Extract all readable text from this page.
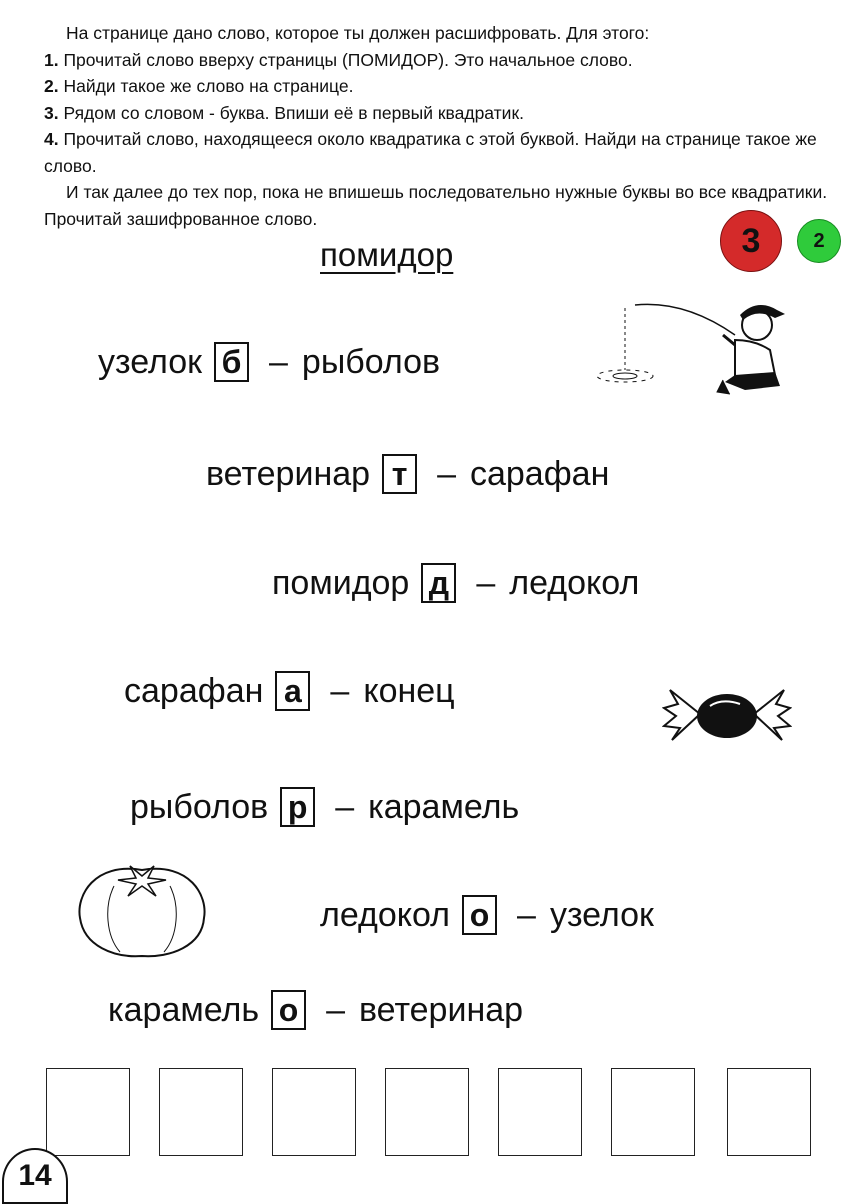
На странице дано слово, которое ты должен расшифровать. Для этого:

1. Прочитай слово вверху страницы (ПОМИДОР). Это начальное слово.

2. Найди такое же слово на странице.

3. Рядом со словом - буква. Впиши её в первый квадратик.

4. Прочитай слово, находящееся около квадратика с этой буквой. Найди на странице такое же слово.

И так далее до тех пор, пока не впишешь последовательно нужные буквы во все квадратики. Прочитай зашифрованное слово.

3	2
помидор
узелок б – рыболов
ветеринар т – сарафан
помидор д – ледокол
сарафан а – конец
рыболов р – карамель
ледокол о – узелок
карамель о – ветеринар
14
